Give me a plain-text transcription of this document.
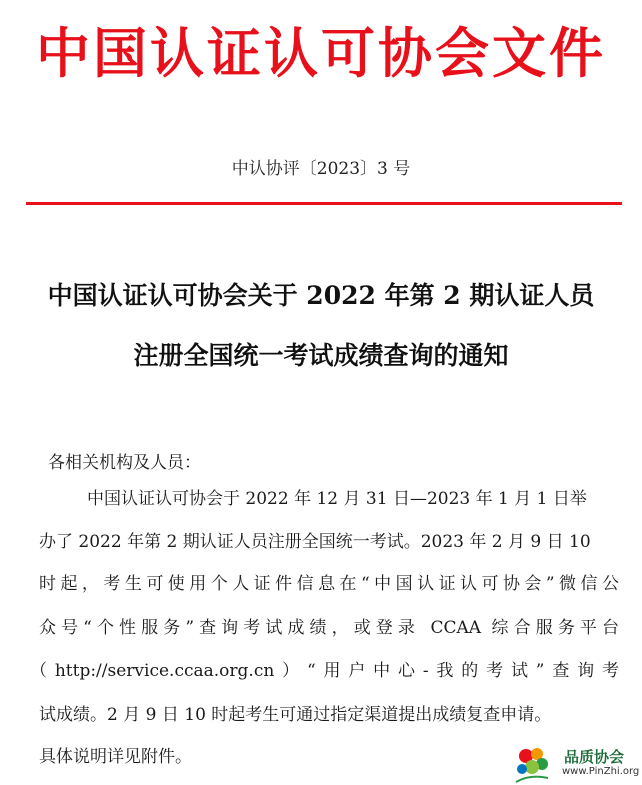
中国认证认可协会文件
中认协评〔2023〕3 号
中国认证认可协会关于 2022 年第 2 期认证人员
注册全国统一考试成绩查询的通知
各相关机构及人员：
中国认证认可协会于 2022 年 12 月 31 日—2023 年 1 月 1 日举
办了 2022 年第 2 期认证人员注册全国统一考试。2023 年 2 月 9 日 10
时起，考生可使用个人证件信息在“中国认证认可协会”微信公
众号“个性服务”查询考试成绩，或登录 CCAA 综合服务平台
（http://service.ccaa.org.cn）“用户中心-我的考试”查询考
试成绩。2 月 9 日 10 时起考生可通过指定渠道提出成绩复查申请。
具体说明详见附件。	品质协会
www.PinZhi.org
